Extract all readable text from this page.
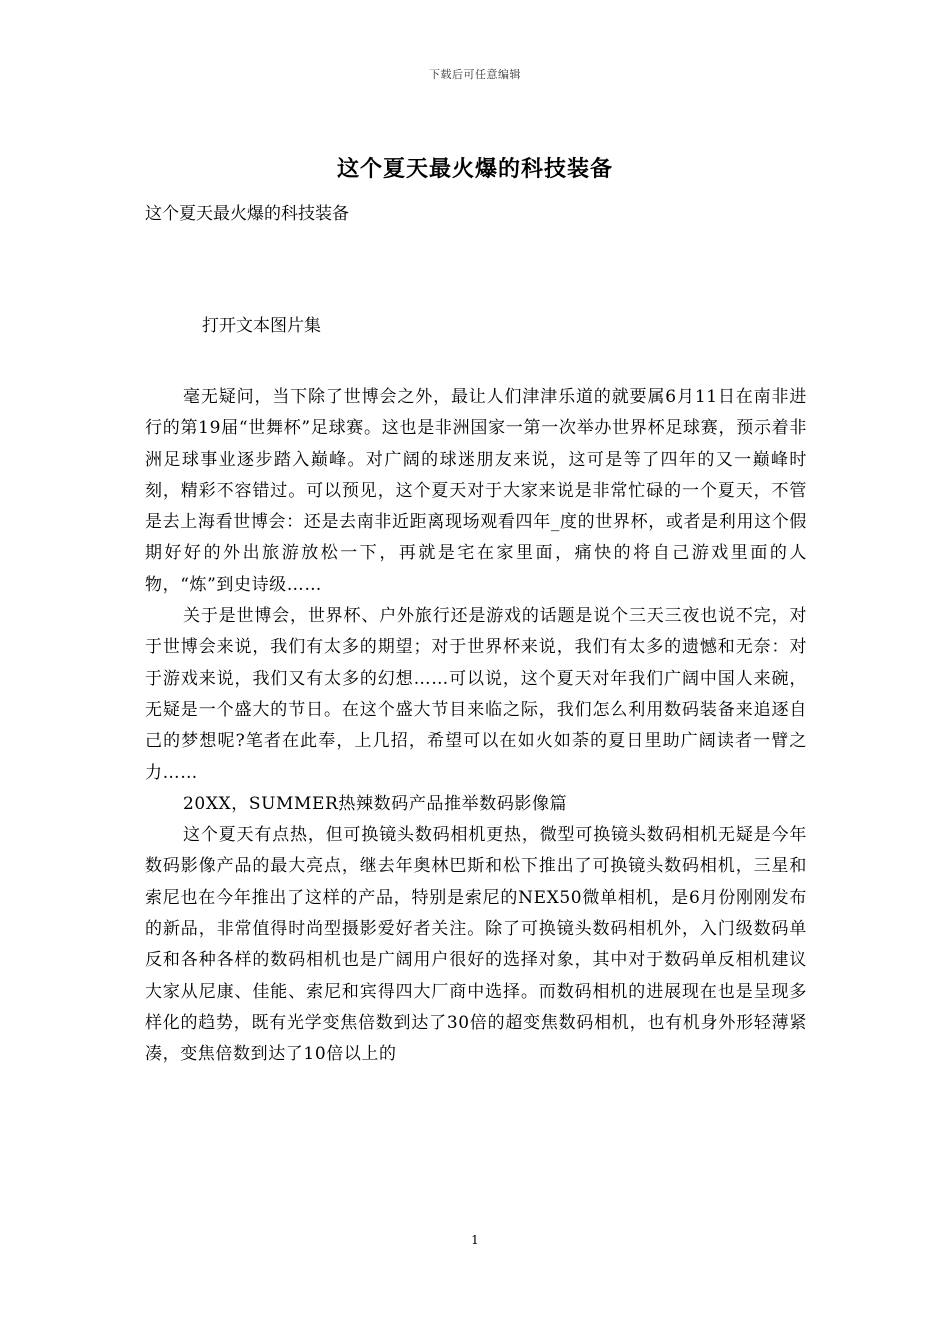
下载后可任意编辑
这个夏天最火爆的科技装备
这个夏天最火爆的科技装备
打开文本图片集

毫无疑问，当下除了世博会之外，最让人们津津乐道的就要属6月11日在南非进行的第19届“世舞杯”足球赛。这也是非洲国家一第一次举办世界杯足球赛，预示着非洲足球事业逐步踏入巅峰。对广阔的球迷朋友来说，这可是等了四年的又一巅峰时刻，精彩不容错过。可以预见，这个夏天对于大家来说是非常忙碌的一个夏天，不管是去上海看世博会：还是去南非近距离现场观看四年_度的世界杯，或者是利用这个假期好好的外出旅游放松一下，再就是宅在家里面，痛快的将自己游戏里面的人物，“炼”到史诗级……

关于是世博会，世界杯、户外旅行还是游戏的话题是说个三天三夜也说不完，对于世博会来说，我们有太多的期望；对于世界杯来说，我们有太多的遗憾和无奈：对于游戏来说，我们又有太多的幻想……可以说，这个夏天对年我们广阔中国人来碗，无疑是一个盛大的节日。在这个盛大节目来临之际，我们怎么利用数码装备来追逐自己的梦想呢?笔者在此奉，上几招，希望可以在如火如荼的夏日里助广阔读者一臂之力……

20XX，SUMMER热辣数码产品推举数码影像篇

这个夏天有点热，但可换镜头数码相机更热，微型可换镜头数码相机无疑是今年数码影像产品的最大亮点，继去年奥林巴斯和松下推出了可换镜头数码相机，三星和索尼也在今年推出了这样的产品，特别是索尼的NEX50微单相机，是6月份刚刚发布的新品，非常值得时尚型摄影爱好者关注。除了可换镜头数码相机外，入门级数码单反和各种各样的数码相机也是广阔用户很好的选择对象，其中对于数码单反相机建议大家从尼康、佳能、索尼和宾得四大厂商中选择。而数码相机的进展现在也是呈现多样化的趋势，既有光学变焦倍数到达了30倍的超变焦数码相机，也有机身外形轻薄紧凑，变焦倍数到达了10倍以上的

1
